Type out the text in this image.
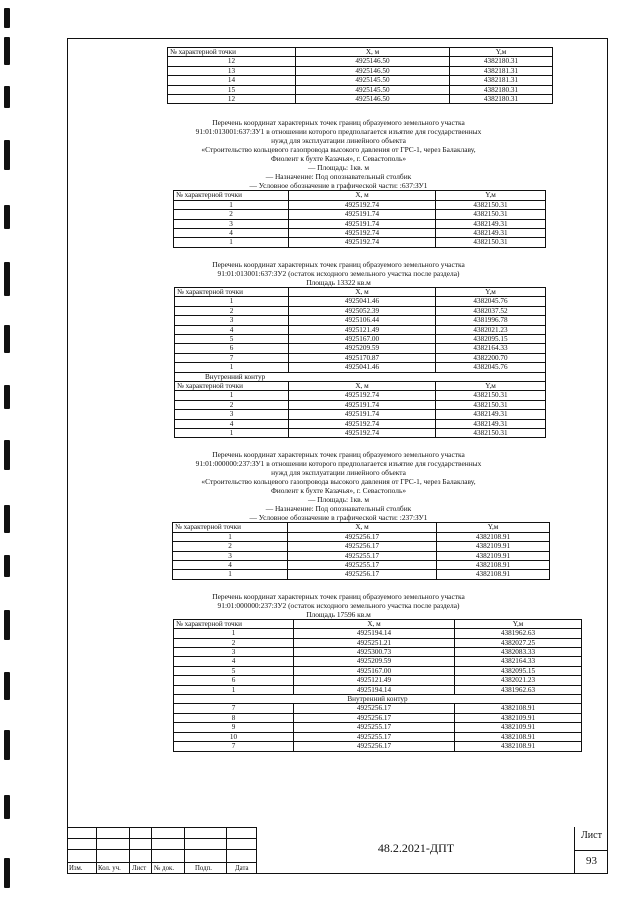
№ характерной точки	X, м	Y,м
12	4925146.50	4382180.31
13	4925146.50	4382181.31
14	4925145.50	4382181.31
15	4925145.50	4382180.31
12	4925146.50	4382180.31
Перечень координат характерных точек границ образуемого земельного участка
91:01:013001:637:ЗУ1 в отношении которого предполагается изъятие для государственных
нужд для эксплуатации линейного объекта
«Строительство кольцевого газопровода высокого давления от ГРС-1, через Балаклаву,
Фиолент к бухте Казачья», г. Севастополь»
— Площадь: 1кв. м
— Назначение: Под опознавательный столбик
— Условное обозначение в графической части: :637:ЗУ1
№ характерной точки	X, м	Y,м
1	4925192.74	4382150.31
2	4925191.74	4382150.31
3	4925191.74	4382149.31
4	4925192.74	4382149.31
1	4925192.74	4382150.31
Перечень координат характерных точек границ образуемого земельного участка
91:01:013001:637:ЗУ2 (остаток исходного земельного участка после раздела)
Площадь 13322 кв.м
№ характерной точки	X, м	Y,м
1	4925041.46	4382045.76
2	4925052.39	4382037.52
3	4925106.44	4381996.78
4	4925121.49	4382021.23
5	4925167.00	4382095.15
6	4925209.59	4382164.33
7	4925170.87	4382200.70
1	4925041.46	4382045.76
Внутренний контур		
№ характерной точки	X, м	Y,м
1	4925192.74	4382150.31
2	4925191.74	4382150.31
3	4925191.74	4382149.31
4	4925192.74	4382149.31
1	4925192.74	4382150.31
Перечень координат характерных точек границ образуемого земельного участка
91:01:000000:237:ЗУ1 в отношении которого предполагается изъятие для государственных
нужд для эксплуатации линейного объекта
«Строительство кольцевого газопровода высокого давления от ГРС-1, через Балаклаву,
Фиолент к бухте Казачья», г. Севастополь»
— Площадь: 1кв. м
— Назначение: Под опознавательный столбик
— Условное обозначение в графической части: :237:ЗУ1
№ характерной точки	X, м	Y,м
1	4925256.17	4382108.91
2	4925256.17	4382109.91
3	4925255.17	4382109.91
4	4925255.17	4382108.91
1	4925256.17	4382108.91
Перечень координат характерных точек границ образуемого земельного участка
91:01:000000:237:ЗУ2 (остаток исходного земельного участка после раздела)
Площадь 17596 кв.м
№ характерной точки	X, м	Y,м
1	4925194.14	4381962.63
2	4925251.21	4382027.25
3	4925300.73	4382083.33
4	4925209.59	4382164.33
5	4925167.00	4382095.15
6	4925121.49	4382021.23
1	4925194.14	4381962.63
Внутренний контур		
7	4925256.17	4382108.91
8	4925256.17	4382109.91
9	4925255.17	4382109.91
10	4925255.17	4382108.91
7	4925256.17	4382108.91
Изм. Кол. уч. Лист № док.	Подп.	Дата
48.2.2021-ДПТ
Лист
93
